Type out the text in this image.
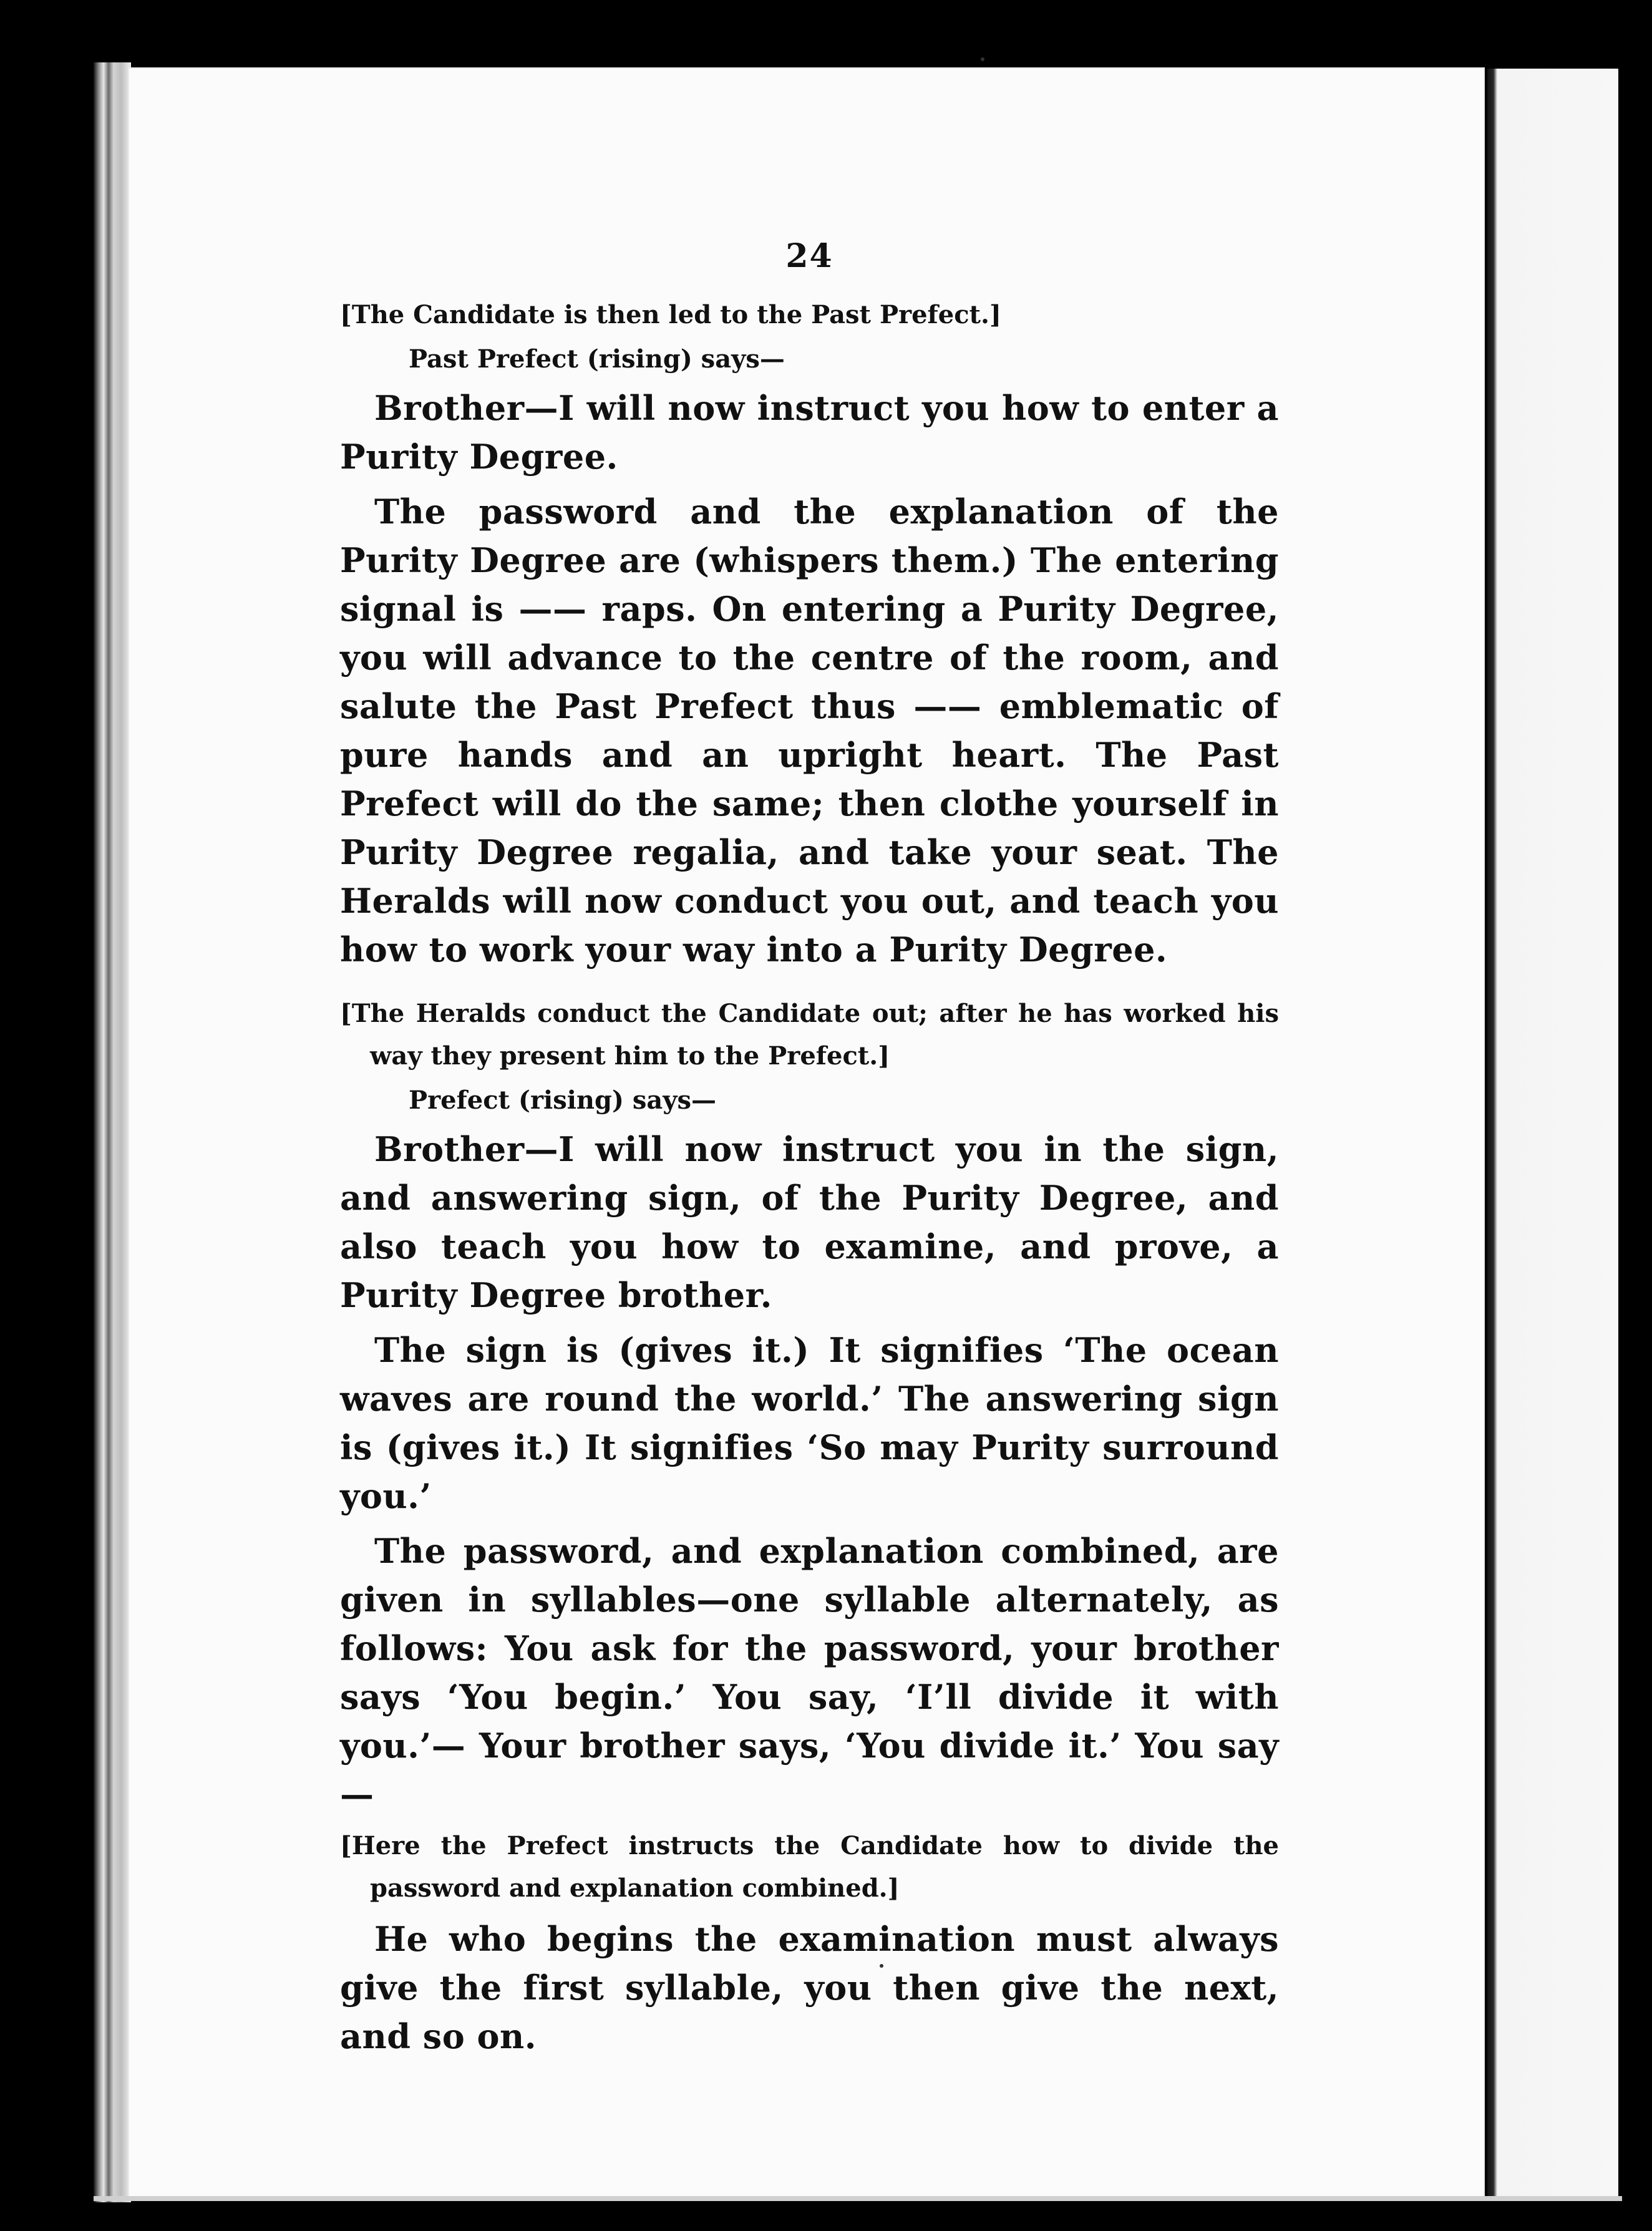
24
[The Candidate is then led to the Past Prefect.]
Past Prefect (rising) says—
Brother—I will now instruct you how to enter a Purity Degree.
The password and the explanation of the Purity Degree are (whispers them.) The entering signal is —— raps. On entering a Purity Degree, you will advance to the centre of the room, and salute the Past Prefect thus —— emblematic of pure hands and an upright heart. The Past Prefect will do the same; then clothe yourself in Purity Degree regalia, and take your seat. The Heralds will now conduct you out, and teach you how to work your way into a Purity Degree.
[The Heralds conduct the Candidate out; after he has worked his way they present him to the Prefect.]
Prefect (rising) says—
Brother—I will now instruct you in the sign, and answering sign, of the Purity Degree, and also teach you how to examine, and prove, a Purity Degree brother.
The sign is (gives it.) It signifies ‘The ocean waves are round the world.’ The answering sign is (gives it.) It signifies ‘So may Purity surround you.’
The password, and explanation combined, are given in syllables—one syllable alternately, as follows: You ask for the password, your brother says ‘You begin.’ You say, ‘I’ll divide it with you.’— Your brother says, ‘You divide it.’ You say—
[Here the Prefect instructs the Candidate how to divide the password and explanation combined.]
He who begins the examination must always give the first syllable, you then give the next, and so on.
